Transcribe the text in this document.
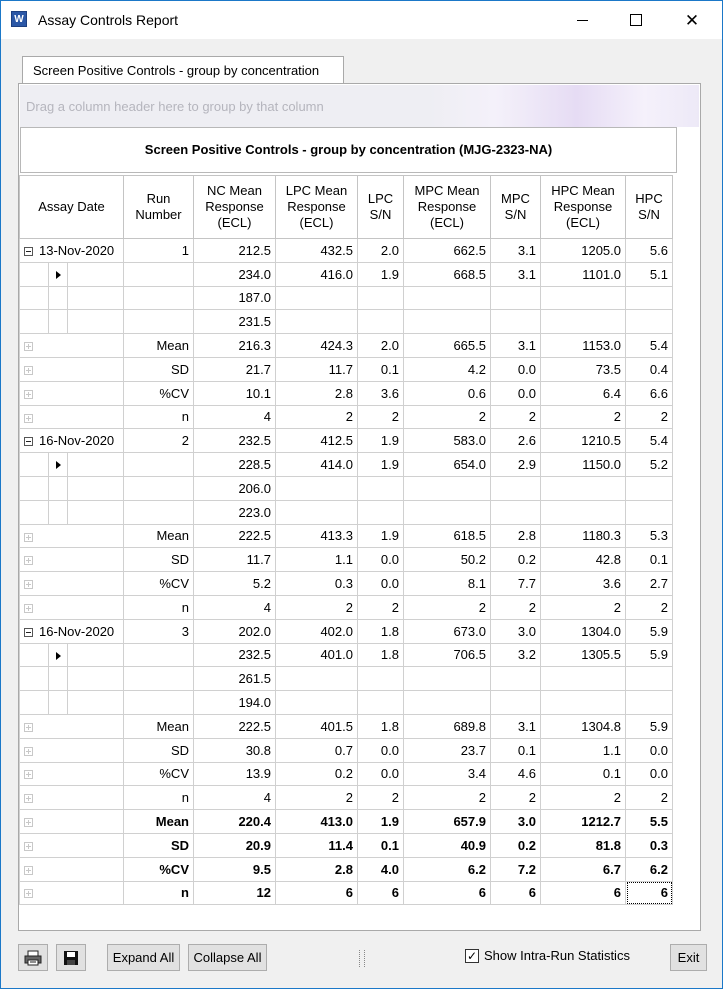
W Assay Controls Report	✕
Screen Positive Controls - group by concentration
Drag a column header here to group by that column
Screen Positive Controls - group by concentration (MJG-2323-NA)
Assay Date	Run Number	NC Mean Response (ECL)	LPC Mean Response (ECL)	LPC S/N	MPC Mean Response (ECL)	MPC S/N	HPC Mean Response (ECL)	HPC S/N
13-Nov-2020	1	212.5	432.5	2.0	662.5	3.1	1205.0	5.6

		234.0	416.0	1.9	668.5	3.1	1101.0	5.1

		187.0						

		231.5						
	Mean	216.3	424.3	2.0	665.5	3.1	1153.0	5.4
	SD	21.7	11.7	0.1	4.2	0.0	73.5	0.4
	%CV	10.1	2.8	3.6	0.6	0.0	6.4	6.6
	n	4	2	2	2	2	2	2
16-Nov-2020	2	232.5	412.5	1.9	583.0	2.6	1210.5	5.4

		228.5	414.0	1.9	654.0	2.9	1150.0	5.2

		206.0						

		223.0						
	Mean	222.5	413.3	1.9	618.5	2.8	1180.3	5.3
	SD	11.7	1.1	0.0	50.2	0.2	42.8	0.1
	%CV	5.2	0.3	0.0	8.1	7.7	3.6	2.7
	n	4	2	2	2	2	2	2
16-Nov-2020	3	202.0	402.0	1.8	673.0	3.0	1304.0	5.9

		232.5	401.0	1.8	706.5	3.2	1305.5	5.9

		261.5						

		194.0						
	Mean	222.5	401.5	1.8	689.8	3.1	1304.8	5.9
	SD	30.8	0.7	0.0	23.7	0.1	1.1	0.0
	%CV	13.9	0.2	0.0	3.4	4.6	0.1	0.0
	n	4	2	2	2	2	2	2
	Mean	220.4	413.0	1.9	657.9	3.0	1212.7	5.5
	SD	20.9	11.4	0.1	40.9	0.2	81.8	0.3
	%CV	9.5	2.8	4.0	6.2	7.2	6.7	6.2
	n	12	6	6	6	6	6	6
Expand All	Collapse All	✓ Show Intra-Run Statistics	Exit
